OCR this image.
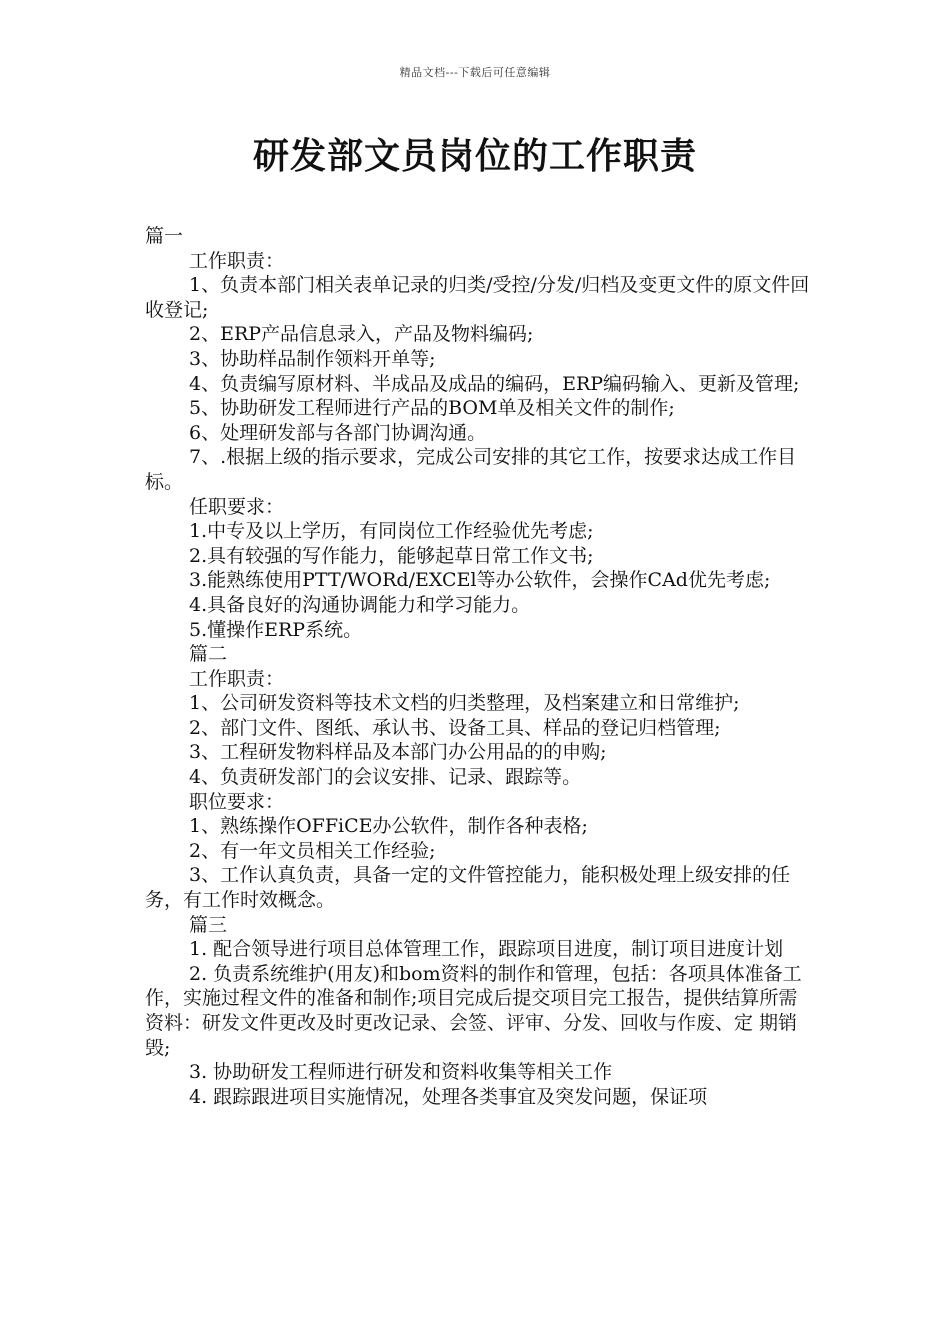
精品文档---下载后可任意编辑
研发部文员岗位的工作职责

篇一

工作职责：

1、负责本部门相关表单记录的归类/受控/分发/归档及变更文件的原文件回收登记;

2、ERP产品信息录入，产品及物料编码;

3、协助样品制作领料开单等;

4、负责编写原材料、半成品及成品的编码，ERP编码输入、更新及管理;

5、协助研发工程师进行产品的BOM单及相关文件的制作;

6、处理研发部与各部门协调沟通。

7、.根据上级的指示要求，完成公司安排的其它工作，按要求达成工作目标。

任职要求：

1.中专及以上学历，有同岗位工作经验优先考虑;

2.具有较强的写作能力，能够起草日常工作文书;

3.能熟练使用PTT/WORd/EXCEl等办公软件，会操作CAd优先考虑;

4.具备良好的沟通协调能力和学习能力。

5.懂操作ERP系统。

篇二

工作职责：

1、公司研发资料等技术文档的归类整理，及档案建立和日常维护;

2、部门文件、图纸、承认书、设备工具、样品的登记归档管理;

3、工程研发物料样品及本部门办公用品的的申购;

4、负责研发部门的会议安排、记录、跟踪等。

职位要求：

1、熟练操作OFFiCE办公软件，制作各种表格;

2、有一年文员相关工作经验;

3、工作认真负责，具备一定的文件管控能力，能积极处理上级安排的任务，有工作时效概念。

篇三

1. 配合领导进行项目总体管理工作，跟踪项目进度，制订项目进度计划

2. 负责系统维护(用友)和bom资料的制作和管理，包括：各项具体准备工作，实施过程文件的准备和制作;项目完成后提交项目完工报告，提供结算所需资料：研发文件更改及时更改记录、会签、评审、分发、回收与作废、定 期销毁;

3. 协助研发工程师进行研发和资料收集等相关工作

4. 跟踪跟进项目实施情况，处理各类事宜及突发问题，保证项
